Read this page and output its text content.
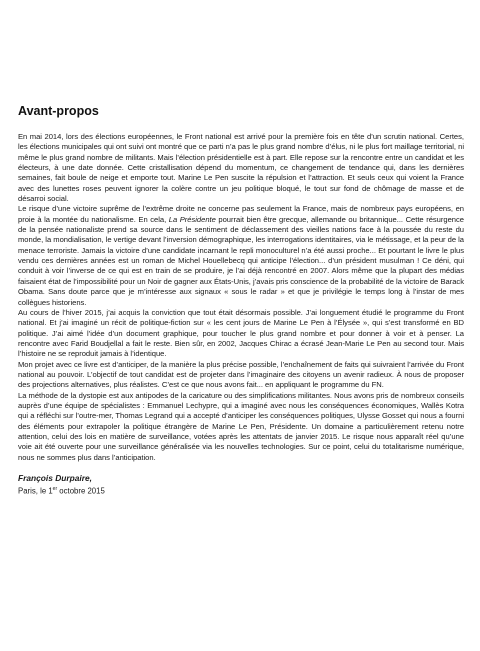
Avant-propos

En mai 2014, lors des élections européennes, le Front national est arrivé pour la première fois en tête d’un scrutin national. Certes, les élections municipales qui ont suivi ont montré que ce parti n’a pas le plus grand nombre d’élus, ni le plus fort maillage territorial, ni même le plus grand nombre de militants. Mais l’élection présidentielle est à part. Elle repose sur la rencontre entre un candidat et les électeurs, à une date donnée. Cette cristallisation dépend du momentum, ce changement de tendance qui, dans les dernières semaines, fait boule de neige et emporte tout. Marine Le Pen suscite la répulsion et l’attraction. Et seuls ceux qui voient la France avec des lunettes roses peuvent ignorer la colère contre un jeu politique bloqué, le tout sur fond de chômage de masse et de désarroi social.

Le risque d’une victoire suprême de l’extrême droite ne concerne pas seulement la France, mais de nombreux pays européens, en proie à la montée du nationalisme. En cela, La Présidente pourrait bien être grecque, allemande ou britannique... Cette résurgence de la pensée nationaliste prend sa source dans le sentiment de déclassement des vieilles nations face à la poussée du reste du monde, la mondialisation, le vertige devant l’inversion démographique, les interrogations identitaires, via le métissage, et la peur de la menace terroriste. Jamais la victoire d’une candidate incarnant le repli monoculturel n’a été aussi proche... Et pourtant le livre le plus vendu ces dernières années est un roman de Michel Houellebecq qui anticipe l’élection... d’un président musulman ! Ce déni, qui conduit à voir l’inverse de ce qui est en train de se produire, je l’ai déjà rencontré en 2007. Alors même que la plupart des médias faisaient état de l’impossibilité pour un Noir de gagner aux États-Unis, j’avais pris conscience de la probabilité de la victoire de Barack Obama. Sans doute parce que je m’intéresse aux signaux « sous le radar » et que je privilégie le temps long à l’instar de mes collègues historiens.

Au cours de l’hiver 2015, j’ai acquis la conviction que tout était désormais possible. J’ai longuement étudié le programme du Front national. Et j’ai imaginé un récit de politique-fiction sur « les cent jours de Marine Le Pen à l’Élysée », qui s’est transformé en BD politique. J’ai aimé l’idée d’un document graphique, pour toucher le plus grand nombre et pour donner à voir et à penser. La rencontre avec Farid Boudjellal a fait le reste. Bien sûr, en 2002, Jacques Chirac a écrasé Jean-Marie Le Pen au second tour. Mais l’histoire ne se reproduit jamais à l’identique.

Mon projet avec ce livre est d’anticiper, de la manière la plus précise possible, l’enchaînement de faits qui suivraient l’arrivée du Front national au pouvoir. L’objectif de tout candidat est de projeter dans l’imaginaire des citoyens un avenir radieux. À nous de proposer des projections alternatives, plus réalistes. C’est ce que nous avons fait... en appliquant le programme du FN.

La méthode de la dystopie est aux antipodes de la caricature ou des simplifications militantes. Nous avons pris de nombreux conseils auprès d’une équipe de spécialistes : Emmanuel Lechypre, qui a imaginé avec nous les conséquences économiques, Wallès Kotra qui a réfléchi sur l’outre-mer, Thomas Legrand qui a accepté d’anticiper les conséquences politiques, Ulysse Gosset qui nous a fourni des éléments pour extrapoler la politique étrangère de Marine Le Pen, Présidente. Un domaine a particulièrement retenu notre attention, celui des lois en matière de surveillance, votées après les attentats de janvier 2015. Le risque nous apparaît réel qu’une voie ait été ouverte pour une surveillance généralisée via les nouvelles technologies. Sur ce point, celui du totalitarisme numérique, nous ne sommes plus dans l’anticipation.

François Durpaire,
Paris, le 1er octobre 2015
